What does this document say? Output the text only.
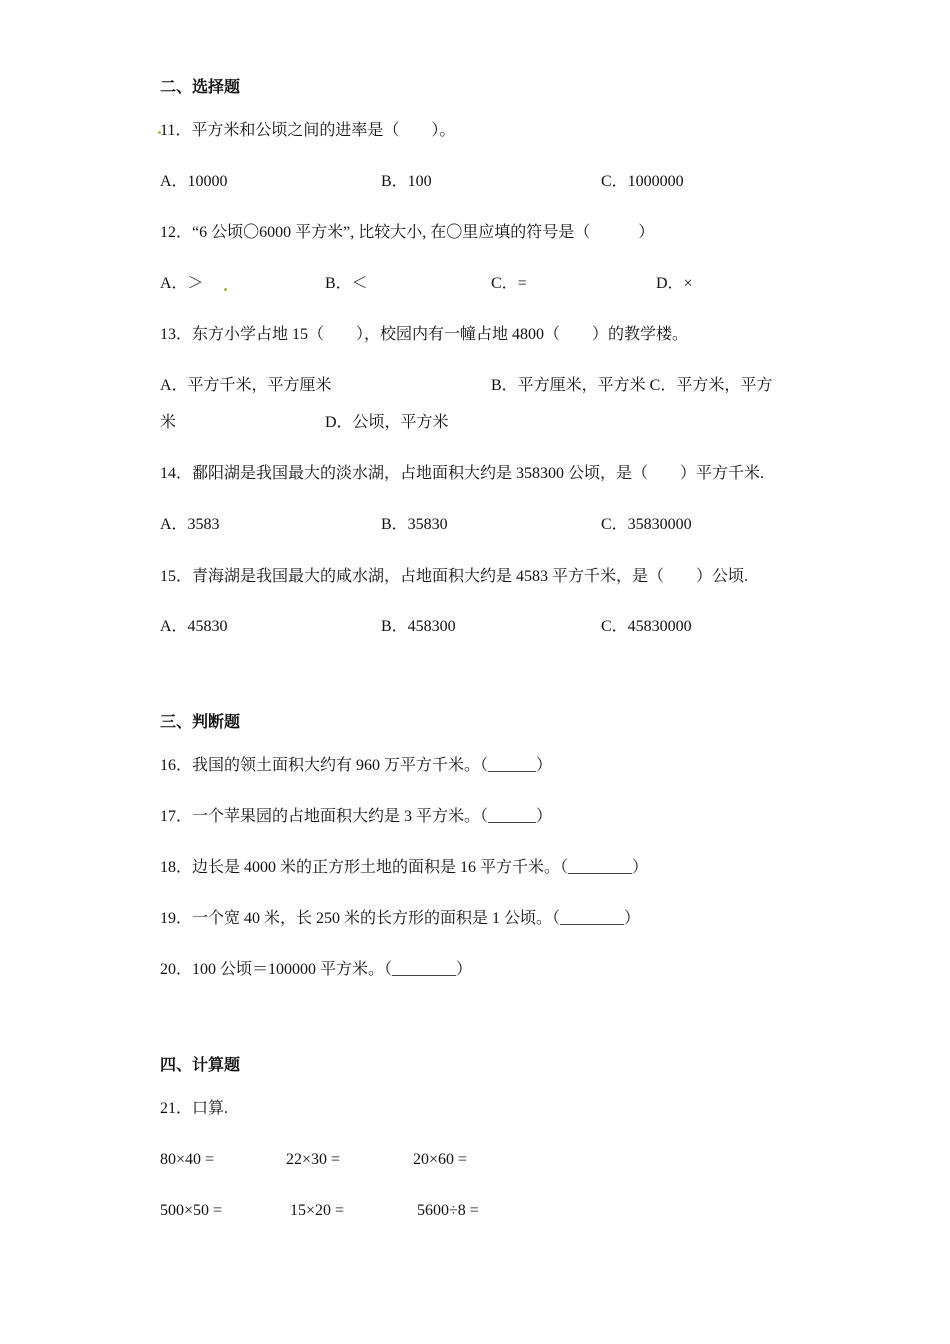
二、选择题
11．平方米和公顷之间的进率是（　　）。
A．10000	B．100	C．1000000
12．“6 公顷〇6000 平方米”, 比较大小, 在〇里应填的符号是（　　　）
A．＞	B．＜	C．=	D．×
13．东方小学占地 15（　　），校园内有一幢占地 4800（　　）的教学楼。
A．平方千米，平方厘米	B．平方厘米，平方米 C．平方米，平方
米	D．公顷，平方米
14．鄱阳湖是我国最大的淡水湖，占地面积大约是 358300 公顷，是（　　）平方千米.
A．3583	B．35830	C．35830000
15．青海湖是我国最大的咸水湖，占地面积大约是 4583 平方千米，是（　　）公顷.
A．45830	B．458300	C．45830000
三、判断题
16．我国的领土面积大约有 960 万平方千米。（______）
17．一个苹果园的占地面积大约是 3 平方米。（______）
18．边长是 4000 米的正方形土地的面积是 16 平方千米。（________）
19．一个宽 40 米，长 250 米的长方形的面积是 1 公顷。（________）
20．100 公顷＝100000 平方米。（________）
四、计算题
21．口算.
80×40 =	22×30 =	20×60 =
500×50 =	15×20 =	5600÷8 =
